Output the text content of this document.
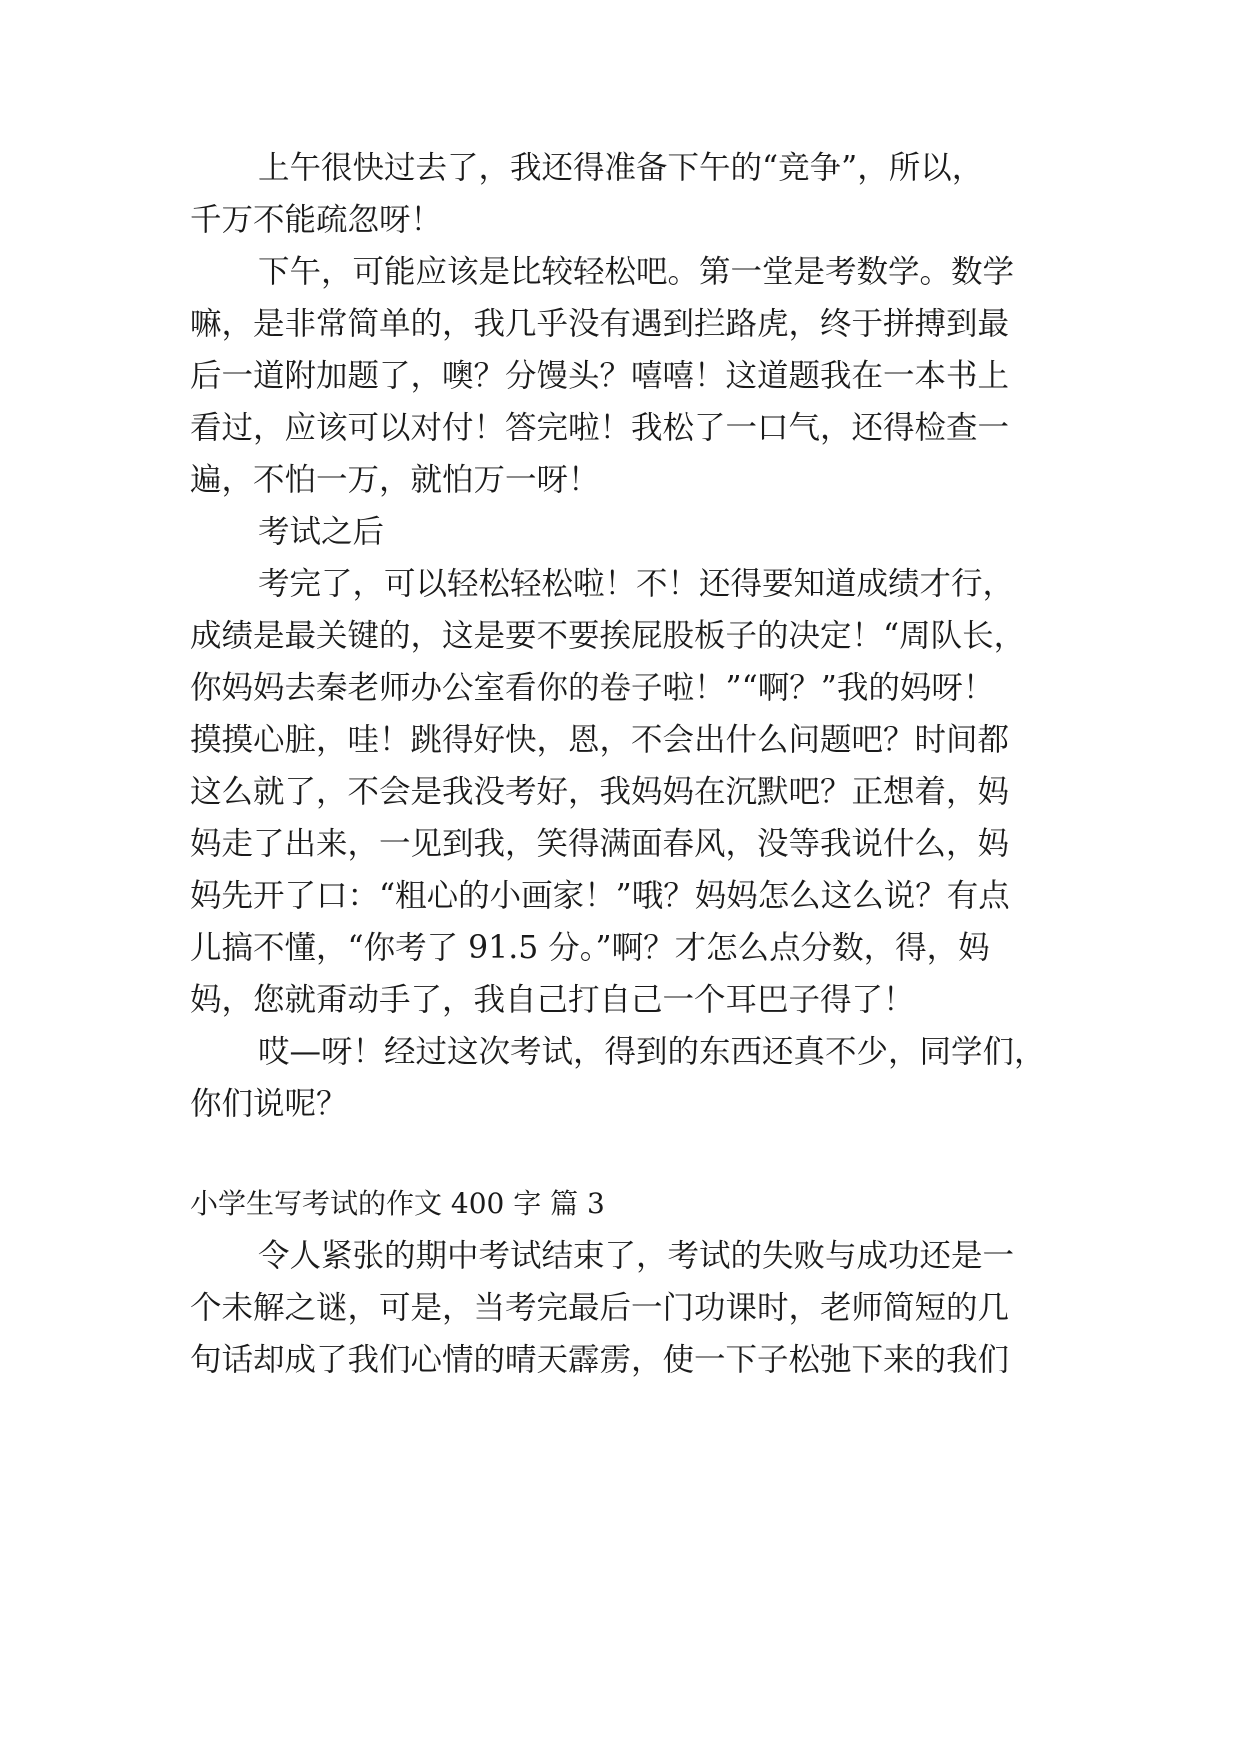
上午很快过去了，我还得准备下午的“竞争”，所以，
千万不能疏忽呀！
下午，可能应该是比较轻松吧。第一堂是考数学。数学
嘛，是非常简单的，我几乎没有遇到拦路虎，终于拼搏到最
后一道附加题了，噢？分馒头？嘻嘻！这道题我在一本书上
看过，应该可以对付！答完啦！我松了一口气，还得检查一
遍，不怕一万，就怕万一呀！
考试之后
考完了，可以轻松轻松啦！不！还得要知道成绩才行，
成绩是最关键的，这是要不要挨屁股板子的决定！“周队长，
你妈妈去秦老师办公室看你的卷子啦！”“啊？”我的妈呀！
摸摸心脏，哇！跳得好快，恩，不会出什么问题吧？时间都
这么就了，不会是我没考好，我妈妈在沉默吧？正想着，妈
妈走了出来，一见到我，笑得满面春风，没等我说什么，妈
妈先开了口：“粗心的小画家！”哦？妈妈怎么这么说？有点
儿搞不懂，“你考了 91.5 分。”啊？才怎么点分数，得，妈
妈，您就甭动手了，我自己打自己一个耳巴子得了！
哎—呀！经过这次考试，得到的东西还真不少，同学们，
你们说呢？
小学生写考试的作文 400 字 篇 3
令人紧张的期中考试结束了，考试的失败与成功还是一
个未解之谜，可是，当考完最后一门功课时，老师简短的几
句话却成了我们心情的晴天霹雳，使一下子松弛下来的我们
